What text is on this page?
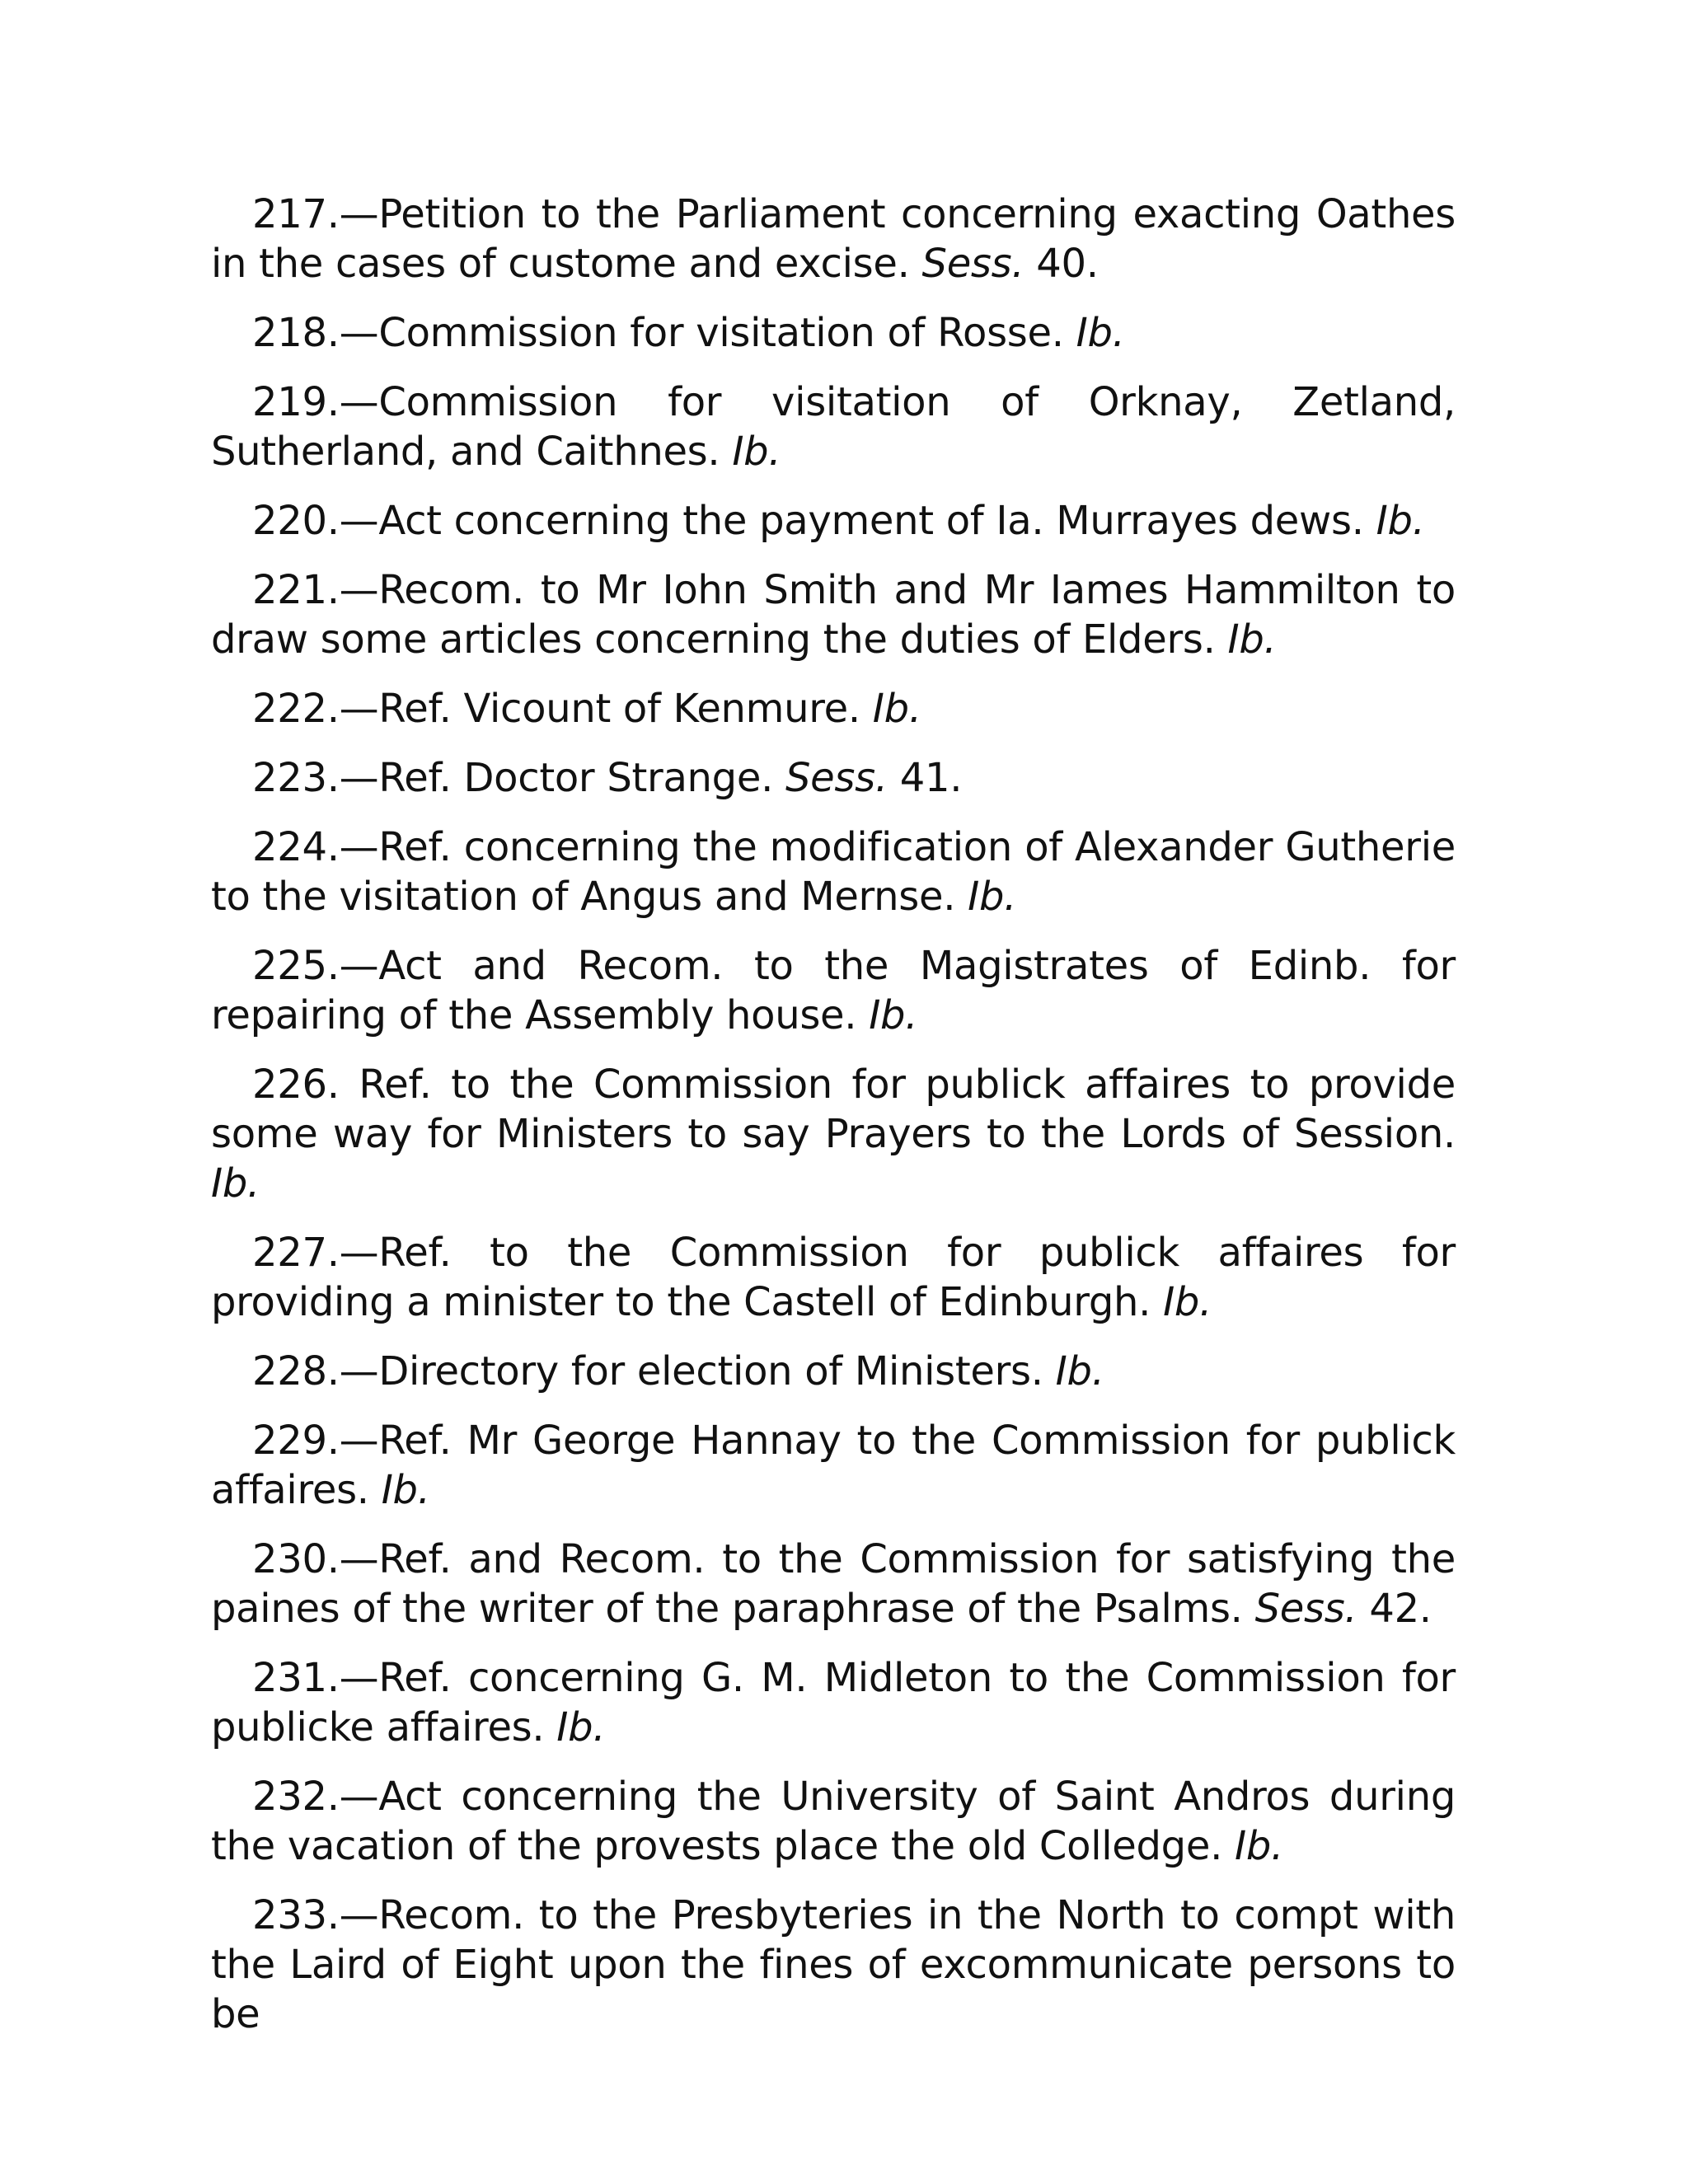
217.—Petition to the Parliament concerning exacting Oathes in the cases of custome and excise. Sess. 40.

218.—Commission for visitation of Rosse. Ib.

219.—Commission for visitation of Orknay, Zetland, Sutherland, and Caithnes. Ib.

220.—Act concerning the payment of Ia. Murrayes dews. Ib.

221.—Recom. to Mr Iohn Smith and Mr Iames Hammilton to draw some articles concerning the duties of Elders. Ib.

222.—Ref. Vicount of Kenmure. Ib.

223.—Ref. Doctor Strange. Sess. 41.

224.—Ref. concerning the modification of Alexander Gutherie to the visitation of Angus and Mernse. Ib.

225.—Act and Recom. to the Magistrates of Edinb. for repairing of the Assembly house. Ib.

226. Ref. to the Commission for publick affaires to provide some way for Ministers to say Prayers to the Lords of Session. Ib.

227.—Ref. to the Commission for publick affaires for providing a minister to the Castell of Edinburgh. Ib.

228.—Directory for election of Ministers. Ib.

229.—Ref. Mr George Hannay to the Commission for publick affaires. Ib.

230.—Ref. and Recom. to the Commission for satisfying the paines of the writer of the paraphrase of the Psalms. Sess. 42.

231.—Ref. concerning G. M. Midleton to the Commission for publicke affaires. Ib.

232.—Act concerning the University of Saint Andros during the vacation of the provests place the old Colledge. Ib.

233.—Recom. to the Presbyteries in the North to compt with the Laird of Eight upon the fines of excommunicate persons to be
